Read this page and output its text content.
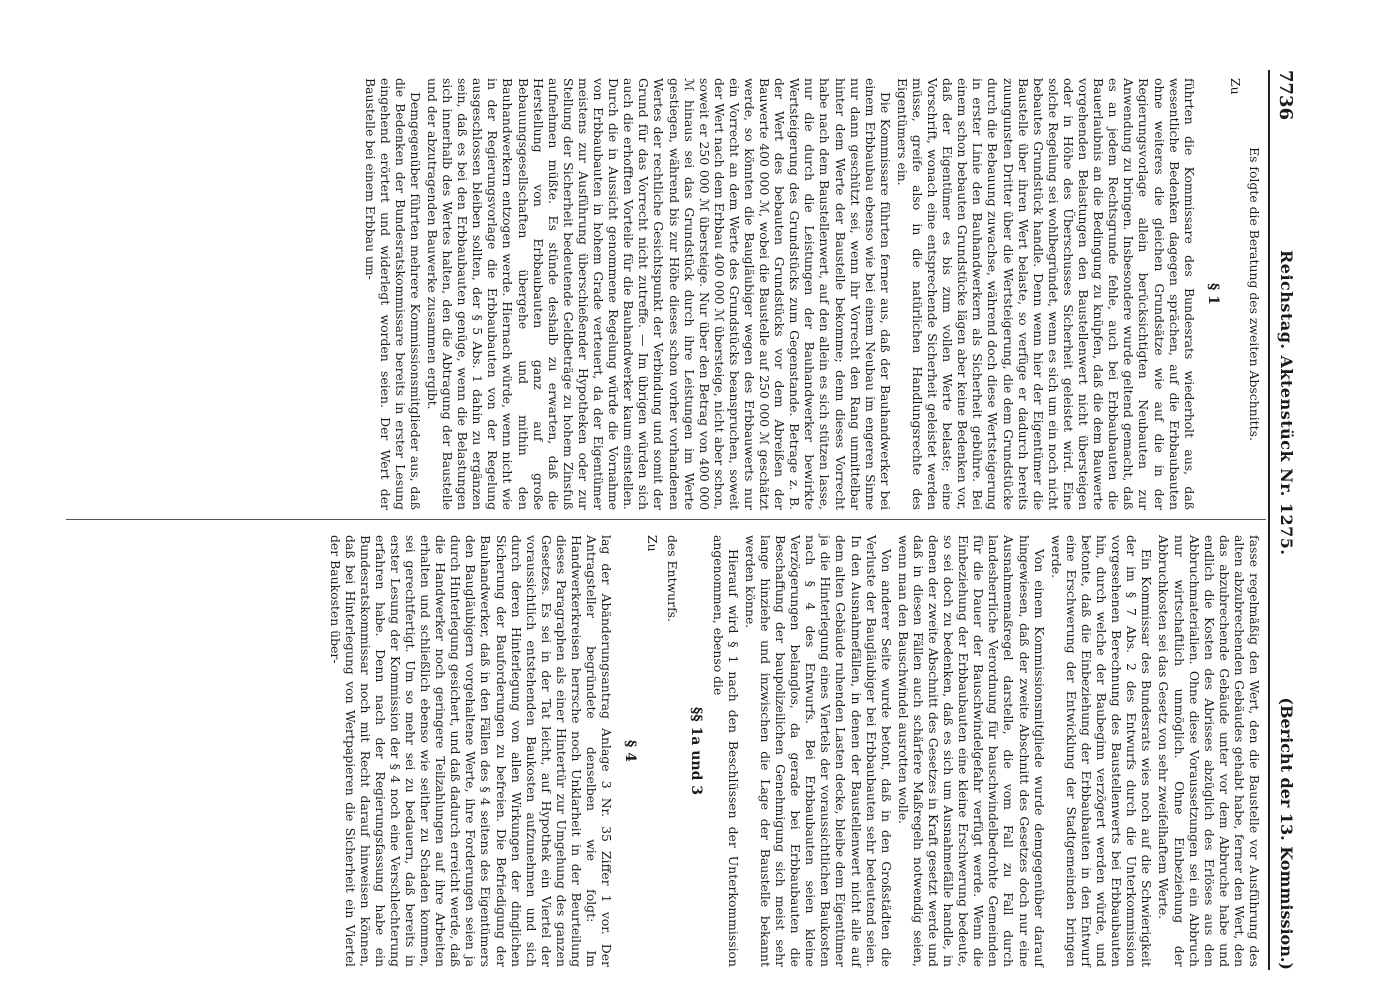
7736
Reichstag. Aktenstück Nr. 1275.
(Bericht der 13. Kommission.)

Es folgte die Beratung des zweiten Abschnitts.

Zu

§ 1

führten die Kommissare des Bundesrats wiederholt aus, daß wesentliche Bedenken dagegen sprächen, auf die Erbbaubauten ohne weiteres die gleichen Grundsätze wie auf die in der Regierungsvorlage allein berücksichtigten Neubauten zur Anwendung zu bringen. Insbesondere wurde geltend gemacht, daß es an jedem Rechtsgrunde fehle, auch bei Erbbaubauten die Bauerlaubnis an die Bedingung zu knüpfen, daß die dem Bauwerte vorgehenden Belastungen den Baustellenwert nicht übersteigen oder in Höhe des Überschusses Sicherheit geleistet wird. Eine solche Regelung sei wohlbegründet, wenn es sich um ein noch nicht bebautes Grundstück handle. Denn wenn hier der Eigentümer die Baustelle über ihren Wert belaste, so verfüge er dadurch bereits zuungunsten Dritter über die Wertsteigerung, die dem Grundstücke durch die Bebauung zuwachse, während doch diese Wertsteigerung in erster Linie den Bauhandwerkern als Sicherheit gebühre. Bei einem schon bebauten Grundstücke lägen aber keine Bedenken vor, daß der Eigentümer es bis zum vollen Werte belaste; eine Vorschrift, wonach eine entsprechende Sicherheit geleistet werden müsse, greife also in die natürlichen Handlungsrechte des Eigentümers ein.

Die Kommissare führten ferner aus, daß der Bauhandwerker bei einem Erbbaubau ebenso wie bei einem Neubau im engeren Sinne nur dann geschützt sei, wenn ihr Vorrecht den Rang unmittelbar hinter dem Werte der Baustelle bekomme; denn dieses Vorrecht habe nach dem Baustellenwert, auf den allein es sich stützen lasse, nur die durch die Leistungen der Bauhandwerker bewirkte Wertsteigerung des Grundstücks zum Gegenstande. Betrage z. B. der Wert des bebauten Grundstücks vor dem Abreißen der Bauwerte 400 000 ℳ, wobei die Baustelle auf 250 000 ℳ geschätzt werde, so könnten die Baugläubiger wegen des Erbbauwerts nur ein Vorrecht an dem Werte des Grundstücks beanspruchen, soweit der Wert nach dem Erbbau 400 000 ℳ übersteige, nicht aber schon, soweit er 250 000 ℳ übersteige. Nur über den Betrag von 400 000 ℳ hinaus sei das Grundstück durch ihre Leistungen im Werte gestiegen, während bis zur Höhe dieses schon vorher vorhandenen Wertes der rechtliche Gesichtspunkt der Verbindung und somit der Grund für das Vorrecht nicht zutreffe. — Im übrigen würden sich auch die erhofften Vorteile für die Bauhandwerker kaum einstellen. Durch die in Aussicht genommene Regelung würde die Vornahme von Erbbaubauten in hohem Grade verteuert, da der Eigentümer meistens zur Ausführung überschießender Hypotheken oder zur Stellung der Sicherheit bedeutende Geldbeträge zu hohem Zinsfuß aufnehmen müßte. Es stünde deshalb zu erwarten, daß die Herstellung von Erbbaubauten ganz auf große Bebauungsgesellschaften übergehe und mithin den Bauhandwerkern entzogen werde. Hiernach würde, wenn nicht wie in der Regierungsvorlage die Erbbaubauten von der Regelung ausgeschlossen bleiben sollten, der § 5 Abs. 1 dahin zu ergänzen sein, daß es bei den Erbbaubauten genüge, wenn die Belastungen sich innerhalb des Wertes halten, den die Abtragung der Baustelle und der abzutragenden Bauwerke zusammen ergibt.

Demgegenüber führten mehrere Kommissionsmitglieder aus, daß die Bedenken der Bundesratskommissare bereits in erster Lesung eingehend erörtert und widerlegt worden seien. Der Wert der Baustelle bei einem Erbbau um-

fasse regelmäßig den Wert, den die Baustelle vor Ausführung des alten abzubrechenden Gebäudes gehabt habe, ferner den Wert, den das abzubrechende Gebäude unter vor dem Abbruche habe und endlich die Kosten des Abrisses abzüglich des Erlöses aus den Abbruchmaterialien. Ohne diese Voraussetzungen sei ein Abbruch nur wirtschaftlich unmöglich. Ohne Einbeziehung der Abbruchkosten sei das Gesetz von sehr zweifelhaftem Werte.

Ein Kommissar des Bundesrats wies noch auf die Schwierigkeit der im § 7 Abs. 2 des Entwurfs durch die Unterkommission vorgesehenen Berechnung des Baustellenwerts bei Erbbaubauten hin, durch welche der Baubeginn verzögert werden würde, und betonte, daß die Einbeziehung der Erbbaubauten in den Entwurf eine Erschwerung der Entwicklung der Stadtgemeinden bringen werde.

Von einem Kommissionsmitgliede wurde demgegenüber darauf hingewiesen, daß der zweite Abschnitt des Gesetzes doch nur eine Ausnahmemaßregel darstelle, die vom Fall zu Fall durch landesherrliche Verordnung für bauschwindelbedrohte Gemeinden für die Dauer der Bauschwindelgefahr verfügt werde. Wenn die Einbeziehung der Erbbaubauten eine kleine Erschwerung bedeute, so sei doch zu bedenken, daß es sich um Ausnahmefälle handle, in denen der zweite Abschnitt des Gesetzes in Kraft gesetzt werde und daß in diesen Fällen auch schärfere Maßregeln notwendig seien, wenn man den Bauschwindel ausrotten wolle.

Von anderer Seite wurde betont, daß in den Großstädten die Verluste der Baugläubiger bei Erbbaubauten sehr bedeutend seien. In den Ausnahmefällen, in denen der Baustellenwert nicht alle auf dem alten Gebäude ruhenden Lasten decke, bleibe dem Eigentümer ja die Hinterlegung eines Viertels der voraussichtlichen Baukosten nach § 4 des Entwurfs. Bei Erbbaubauten seien kleine Verzögerungen belanglos, da gerade bei Erbbaubauten die Beschaffung der baupolizeilichen Genehmigung sich meist sehr lange hinziehe und inzwischen die Lage der Baustelle bekannt werden könne.

Hierauf wird § 1 nach den Beschlüssen der Unterkommission angenommen, ebenso die

§§ 1a und 3

des Entwurfs.

Zu

§ 4

lag der Abänderungsantrag Anlage 3 Nr. 35 Ziffer 1 vor. Der Antragsteller begründete denselben wie folgt: Im Handwerkerkreisen herrsche noch Unklarheit in der Beurteilung dieses Paragraphen als einer Hintertür zur Umgehung des ganzen Gesetzes. Es sei in der Tat leicht, auf Hypothek ein Viertel der voraussichtlich entstehenden Baukosten aufzunehmen und sich durch deren Hinterlegung von allen Wirkungen der dinglichen Sicherung der Bauforderungen zu befreien. Die Befriedigung der Bauhandwerker, daß in den Fällen des § 4 seitens des Eigentümers den Baugläubigern vorgehaltene Werte, ihre Forderungen seien ja durch Hinterlegung gesichert, und daß dadurch erreicht werde, daß die Handwerker noch geringere Teilzahlungen auf ihre Arbeiten erhalten und schließlich ebenso wie seither zu Schaden kommen, sei gerechtfertigt. Um so mehr sei zu bedauern, daß bereits in erster Lesung der Kommission der § 4 noch eine Verschlechterung erfahren habe. Denn nach der Regierungsfassung habe ein Bundesratskommissar noch mit Recht darauf hinweisen können, daß bei Hinterlegung von Wertpapieren die Sicherheit ein Viertel der Baukosten über-
